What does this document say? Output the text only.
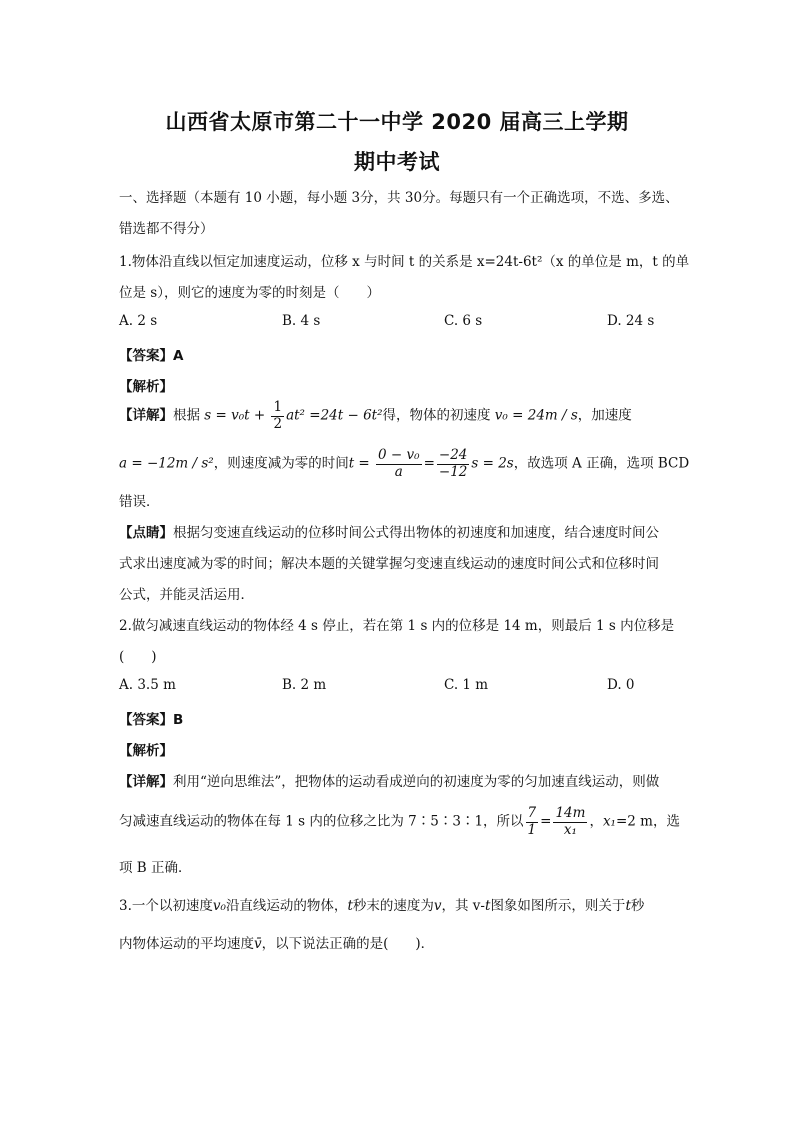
山西省太原市第二十一中学 2020 届高三上学期
期中考试
一、选择题（本题有 10 小题，每小题 3分，共 30分。每题只有一个正确选项，不选、多选、
错选都不得分）
1.物体沿直线以恒定加速度运动，位移 x 与时间 t 的关系是 x=24t-6t²（x 的单位是 m，t 的单
位是 s），则它的速度为零的时刻是（　　）
A. 2 s	B. 4 s	C. 6 s	D. 24 s
【答案】A
【解析】
【详解】根据 $s = v_0t + \frac{1}{2} at^2 =24t - 6t^2$得，物体的初速度 v₀ = 24m / s，加速度
a = −12m / s²，则速度减为零的时间$t = \frac{\text{0 − v₀}}{a} = \frac{-24}{-12}$ s = 2s，故选项 A 正确，选项 BCD
错误．
【点睛】根据匀变速直线运动的位移时间公式得出物体的初速度和加速度，结合速度时间公
式求出速度减为零的时间；解决本题的关键掌握匀变速直线运动的速度时间公式和位移时间
公式，并能灵活运用．
2.做匀减速直线运动的物体经 4 s 停止，若在第 1 s 内的位移是 14 m，则最后 1 s 内位移是
(　　)
A. 3.5 m	B. 2 m	C. 1 m	D. 0
【答案】B
【解析】
【详解】利用“逆向思维法”，把物体的运动看成逆向的初速度为零的匀加速直线运动，则做
匀减速直线运动的物体在每 1 s 内的位移之比为 7∶5∶3∶1，所以 $\frac{7}{1} = \frac{14m}{\text{x₁}}$ ，x₁=2 m，选
项 B 正确．
3.一个以初速度v₀沿直线运动的物体，t秒末的速度为v，其 v-t图象如图所示，则关于t秒
内物体运动的平均速度v̄，以下说法正确的是(　　)．
